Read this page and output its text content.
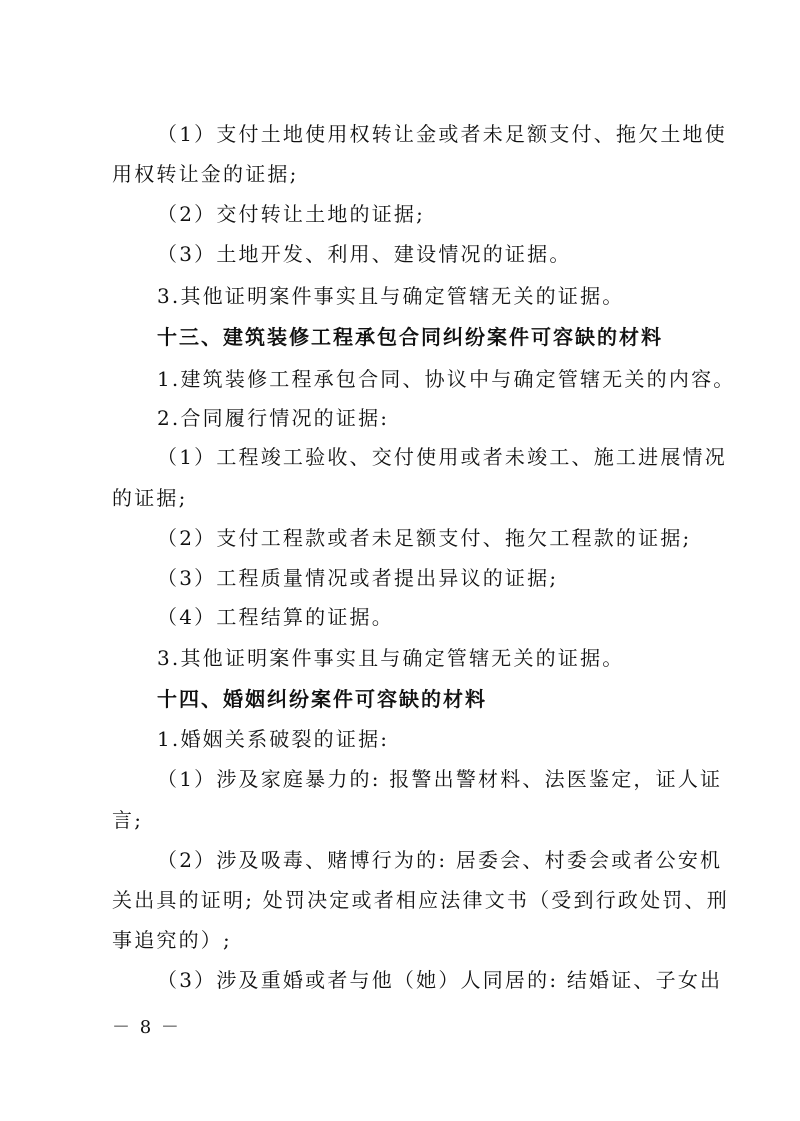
（1）支付土地使用权转让金或者未足额支付、拖欠土地使
用权转让金的证据;
（2）交付转让土地的证据;
（3）土地开发、利用、建设情况的证据。
3.其他证明案件事实且与确定管辖无关的证据。
十三、建筑装修工程承包合同纠纷案件可容缺的材料
1.建筑装修工程承包合同、协议中与确定管辖无关的内容。
2.合同履行情况的证据:
（1）工程竣工验收、交付使用或者未竣工、施工进展情况
的证据;
（2）支付工程款或者未足额支付、拖欠工程款的证据;
（3）工程质量情况或者提出异议的证据;
（4）工程结算的证据。
3.其他证明案件事实且与确定管辖无关的证据。
十四、婚姻纠纷案件可容缺的材料
1.婚姻关系破裂的证据:
（1）涉及家庭暴力的: 报警出警材料、法医鉴定，证人证
言;
（2）涉及吸毒、赌博行为的: 居委会、村委会或者公安机
关出具的证明; 处罚决定或者相应法律文书（受到行政处罚、刑
事追究的）;
（3）涉及重婚或者与他（她）人同居的: 结婚证、子女出
－ 8 －
